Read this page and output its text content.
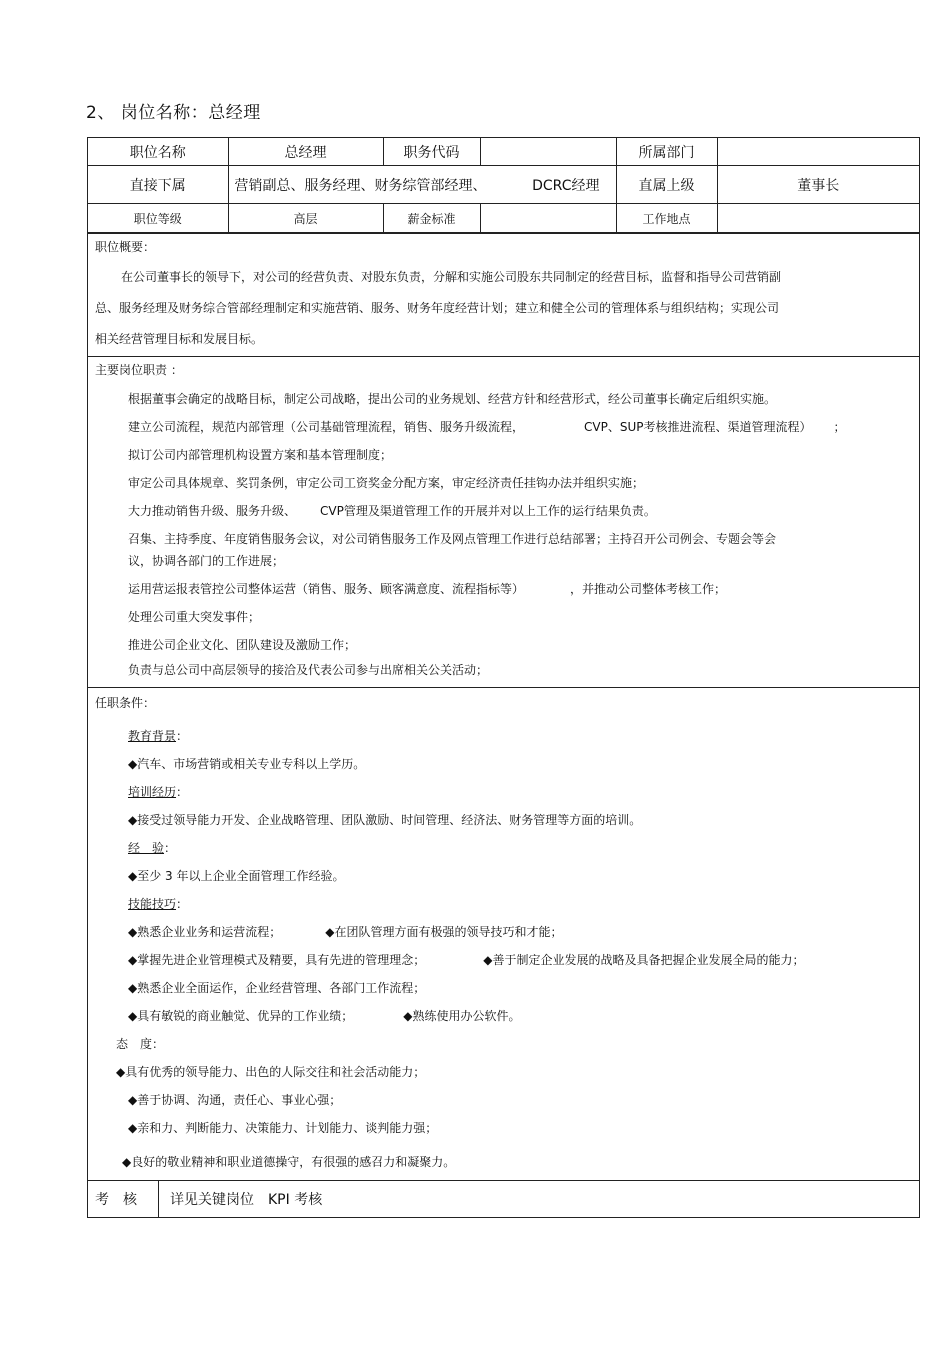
2、 岗位名称：总经理
职位名称	总经理	职务代码		所属部门	
直接下属	营销副总、服务经理、财务综管部经理、 DCRC经理			直属上级	董事长
职位等级	高层	薪金标准		工作地点	
职位概要：
在公司董事长的领导下，对公司的经营负责、对股东负责，分解和实施公司股东共同制定的经营目标，监督和指导公司营销副
总、服务经理及财务综合管部经理制定和实施营销、服务、财务年度经营计划；建立和健全公司的管理体系与组织结构；实现公司
相关经营管理目标和发展目标。
主要岗位职责 ：
根据董事会确定的战略目标，制定公司战略，提出公司的业务规划、经营方针和经营形式，经公司董事长确定后组织实施。
建立公司流程，规范内部管理（公司基础管理流程，销售、服务升级流程，	CVP、SUP考核推进流程、渠道管理流程） ；
拟订公司内部管理机构设置方案和基本管理制度；
审定公司具体规章、奖罚条例，审定公司工资奖金分配方案，审定经济责任挂钩办法并组织实施；
大力推动销售升级、服务升级、 CVP管理及渠道管理工作的开展并对以上工作的运行结果负责。
召集、主持季度、年度销售服务会议，对公司销售服务工作及网点管理工作进行总结部署；主持召开公司例会、专题会等会
议，协调各部门的工作进展；
运用营运报表管控公司整体运营（销售、服务、顾客满意度、流程指标等）	，并推动公司整体考核工作；
处理公司重大突发事件；
推进公司企业文化、团队建设及激励工作；
负责与总公司中高层领导的接洽及代表公司参与出席相关公关活动；
任职条件：
教育背景：
◆汽车、市场营销或相关专业专科以上学历。
培训经历：
◆接受过领导能力开发、企业战略管理、团队激励、时间管理、经济法、财务管理等方面的培训。
经　验：
◆至少 3 年以上企业全面管理工作经验。
技能技巧：
◆熟悉企业业务和运营流程；	◆在团队管理方面有极强的领导技巧和才能；
◆掌握先进企业管理模式及精要，具有先进的管理理念；	◆善于制定企业发展的战略及具备把握企业发展全局的能力；
◆熟悉企业全面运作，企业经营管理、各部门工作流程；
◆具有敏锐的商业触觉、优异的工作业绩；	◆熟练使用办公软件。
态　度：
◆具有优秀的领导能力、出色的人际交往和社会活动能力；
◆善于协调、沟通，责任心、事业心强；
◆亲和力、判断能力、决策能力、计划能力、谈判能力强；
◆良好的敬业精神和职业道德操守，有很强的感召力和凝聚力。
考　核	详见关键岗位　KPI 考核
